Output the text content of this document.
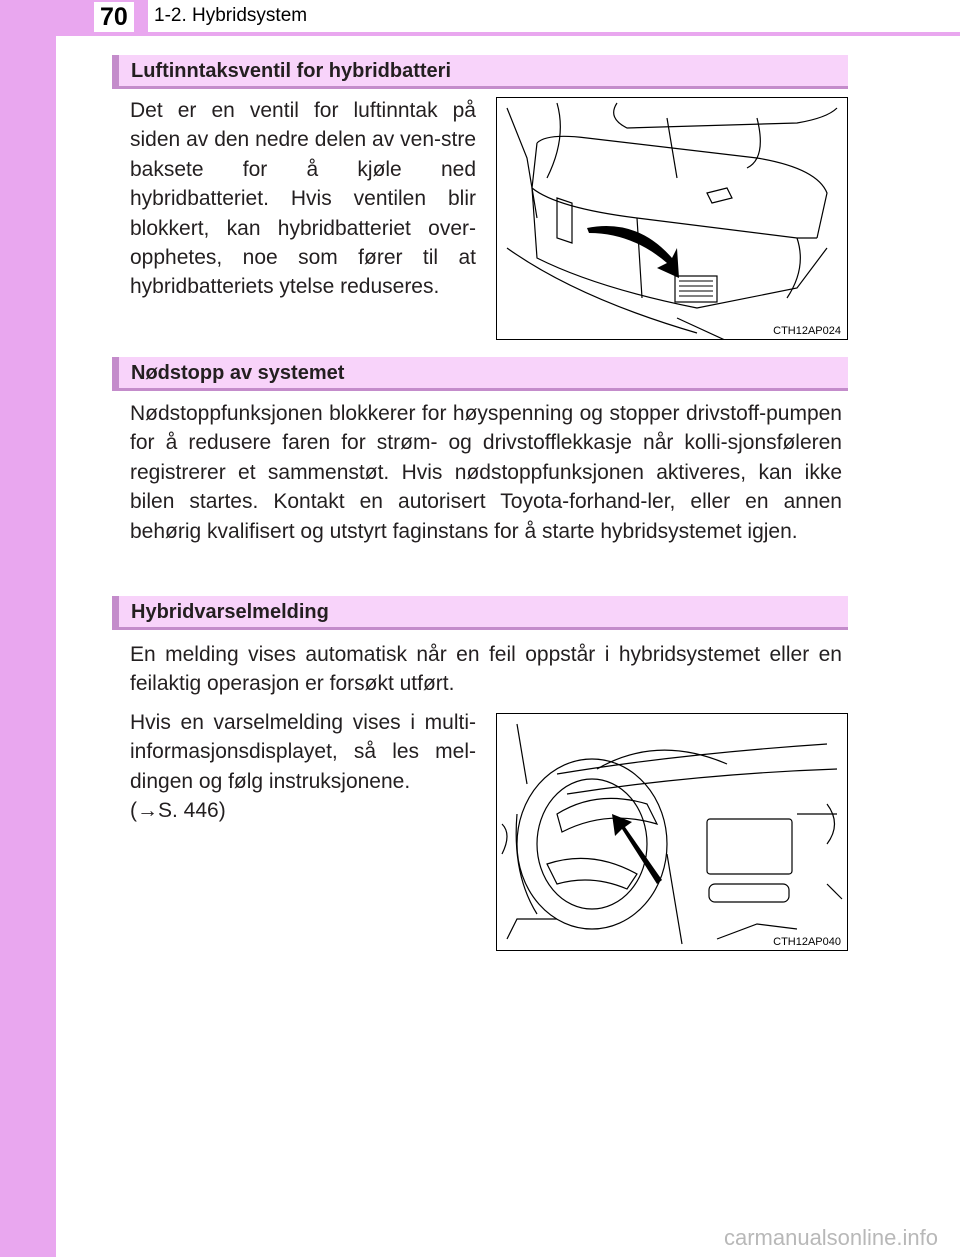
70	1-2. Hybridsystem
Luftinntaksventil for hybridbatteri
Det er en ventil for luftinntak på siden av den nedre delen av ven-stre baksete for å kjøle ned hybridbatteriet. Hvis ventilen blir blokkert, kan hybridbatteriet over-opphetes, noe som fører til at hybridbatteriets ytelse reduseres.
CTH12AP024
Nødstopp av systemet
Nødstoppfunksjonen blokkerer for høyspenning og stopper drivstoff-pumpen for å redusere faren for strøm- og drivstofflekkasje når kolli-sjonsføleren registrerer et sammenstøt. Hvis nødstoppfunksjonen aktiveres, kan ikke bilen startes. Kontakt en autorisert Toyota-forhand-ler, eller en annen behørig kvalifisert og utstyrt faginstans for å starte hybridsystemet igjen.
Hybridvarselmelding
En melding vises automatisk når en feil oppstår i hybridsystemet eller en feilaktig operasjon er forsøkt utført.
Hvis en varselmelding vises i multi-informasjonsdisplayet, så les mel-dingen og følg instruksjonene.
(→S. 446)
CTH12AP040
carmanualsonline.info
